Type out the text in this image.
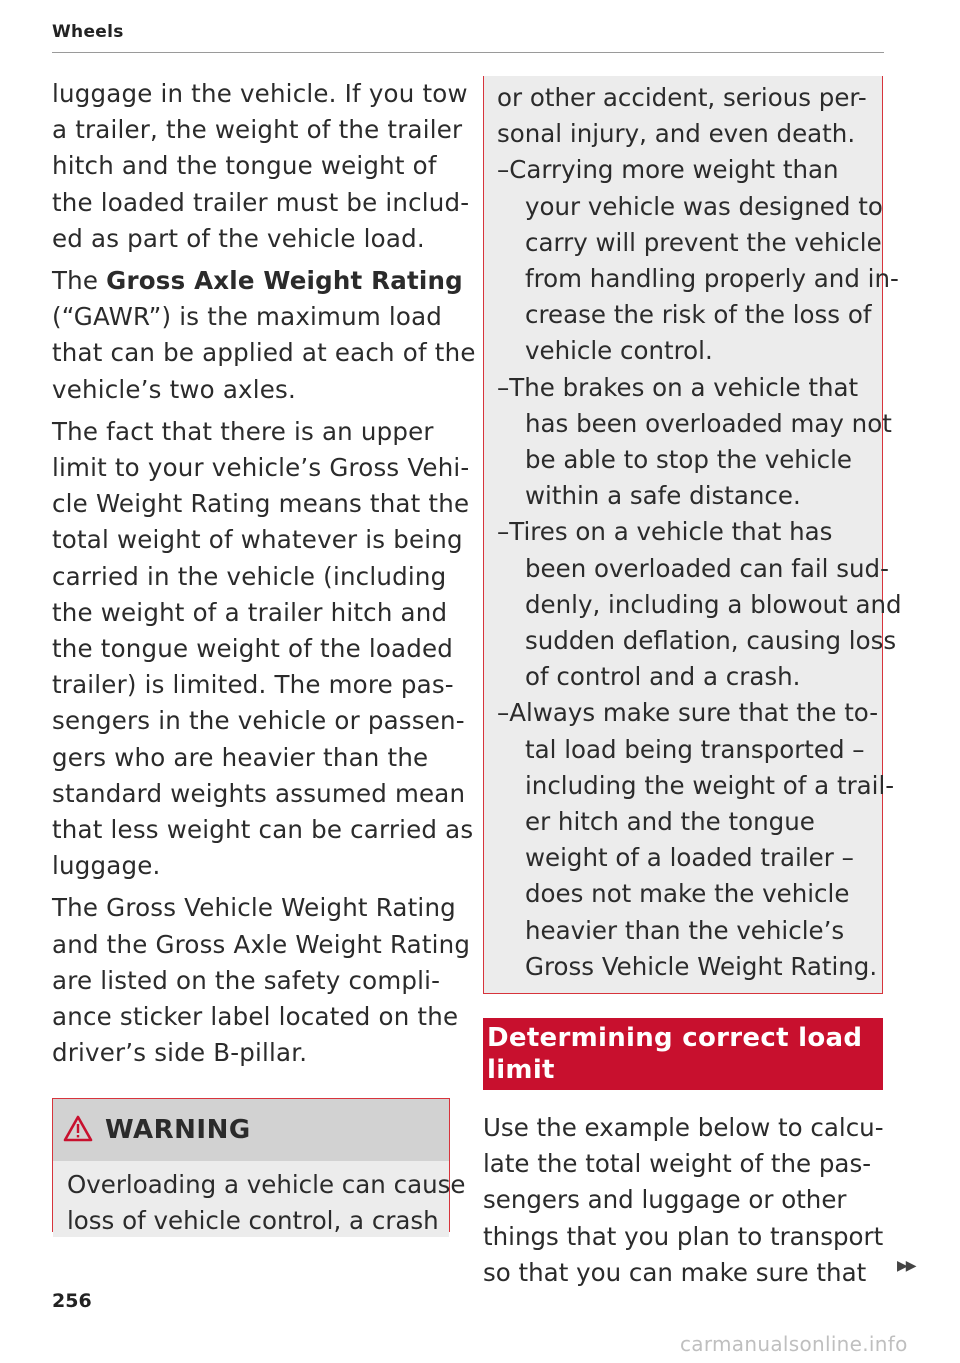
Wheels
luggage in the vehicle. If you tow
a trailer, the weight of the trailer
hitch and the tongue weight of
the loaded trailer must be includ-
ed as part of the vehicle load.
The Gross Axle Weight Rating
(“GAWR”) is the maximum load
that can be applied at each of the
vehicle’s two axles.
The fact that there is an upper
limit to your vehicle’s Gross Vehi-
cle Weight Rating means that the
total weight of whatever is being
carried in the vehicle (including
the weight of a trailer hitch and
the tongue weight of the loaded
trailer) is limited. The more pas-
sengers in the vehicle or passen-
gers who are heavier than the
standard weights assumed mean
that less weight can be carried as
luggage.
The Gross Vehicle Weight Rating
and the Gross Axle Weight Rating
are listed on the safety compli-
ance sticker label located on the
driver’s side B-pillar.
WARNING
Overloading a vehicle can cause
loss of vehicle control, a crash
or other accident, serious per-
sonal injury, and even death.
–Carrying more weight than
your vehicle was designed to
carry will prevent the vehicle
from handling properly and in-
crease the risk of the loss of
vehicle control.
–The brakes on a vehicle that
has been overloaded may not
be able to stop the vehicle
within a safe distance.
–Tires on a vehicle that has
been overloaded can fail sud-
denly, including a blowout and
sudden deflation, causing loss
of control and a crash.
–Always make sure that the to-
tal load being transported –
including the weight of a trail-
er hitch and the tongue
weight of a loaded trailer –
does not make the vehicle
heavier than the vehicle’s
Gross Vehicle Weight Rating.
Determining correct load
limit
Use the example below to calcu-
late the total weight of the pas-
sengers and luggage or other
things that you plan to transport
so that you can make sure that	▶▶
256
carmanualsonline.info
